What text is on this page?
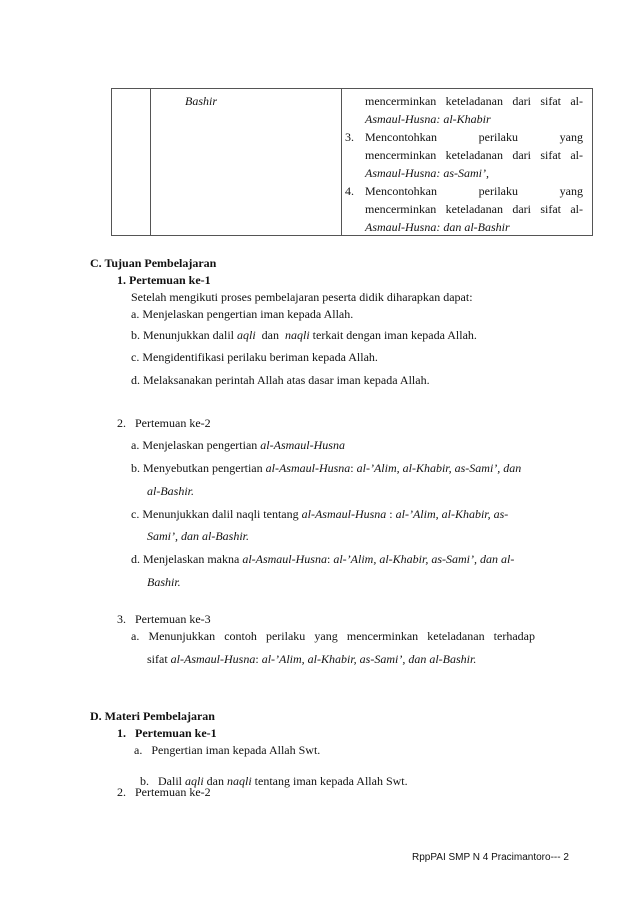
Bashir	mencerminkan keteladanan dari sifat al-
Asmaul-Husna: al-Khabir
3. Mencontohkan perilaku yang
mencerminkan keteladanan dari sifat al-
Asmaul-Husna: as-Sami’,
4. Mencontohkan perilaku yang
mencerminkan keteladanan dari sifat al-
Asmaul-Husna: dan al-Bashir
C. Tujuan Pembelajaran
1. Pertemuan ke-1
Setelah mengikuti proses pembelajaran peserta didik diharapkan dapat:
a. Menjelaskan pengertian iman kepada Allah.
b. Menunjukkan dalil aqli  dan  naqli terkait dengan iman kepada Allah.
c. Mengidentifikasi perilaku beriman kepada Allah.
d. Melaksanakan perintah Allah atas dasar iman kepada Allah.
2.   Pertemuan ke-2
a. Menjelaskan pengertian al-Asmaul-Husna
b. Menyebutkan pengertian al-Asmaul-Husna: al-’Alim, al-Khabir, as-Sami’, dan
al-Bashir.
c. Menunjukkan dalil naqli tentang al-Asmaul-Husna : al-’Alim, al-Khabir, as-
Sami’, dan al-Bashir.
d. Menjelaskan makna al-Asmaul-Husna: al-’Alim, al-Khabir, as-Sami’, dan al-
Bashir.
3.   Pertemuan ke-3
a. Menunjukkan contoh perilaku yang mencerminkan keteladanan terhadap
sifat al-Asmaul-Husna: al-’Alim, al-Khabir, as-Sami’, dan al-Bashir.
D. Materi Pembelajaran
1.   Pertemuan ke-1
a.   Pengertian iman kepada Allah Swt.

b.   Dalil aqli dan naqli tentang iman kepada Allah Swt.

2.   Pertemuan ke-2
RppPAI SMP N 4 Pracimantoro--- 2
